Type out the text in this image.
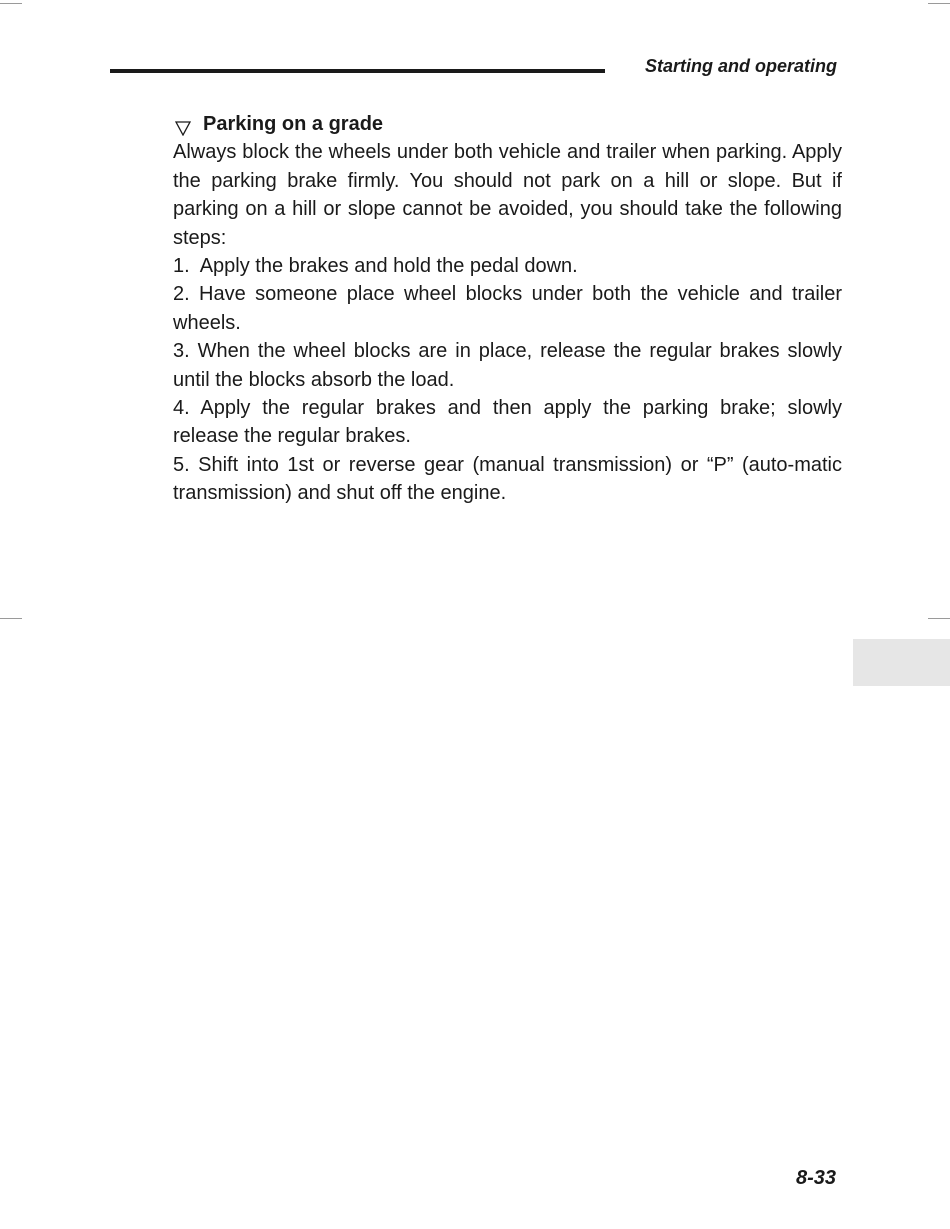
Starting and operating
Parking on a grade

Always block the wheels under both vehicle and trailer when parking. Apply the parking brake firmly. You should not park on a hill or slope. But if parking on a hill or slope cannot be avoided, you should take the following steps:

1.  Apply the brakes and hold the pedal down.

2. Have someone place wheel blocks under both the vehicle and trailer wheels.

3. When the wheel blocks are in place, release the regular brakes slowly until the blocks absorb the load.

4. Apply the regular brakes and then apply the parking brake; slowly release the regular brakes.

5. Shift into 1st or reverse gear (manual transmission) or “P” (auto-matic transmission) and shut off the engine.

8-33
